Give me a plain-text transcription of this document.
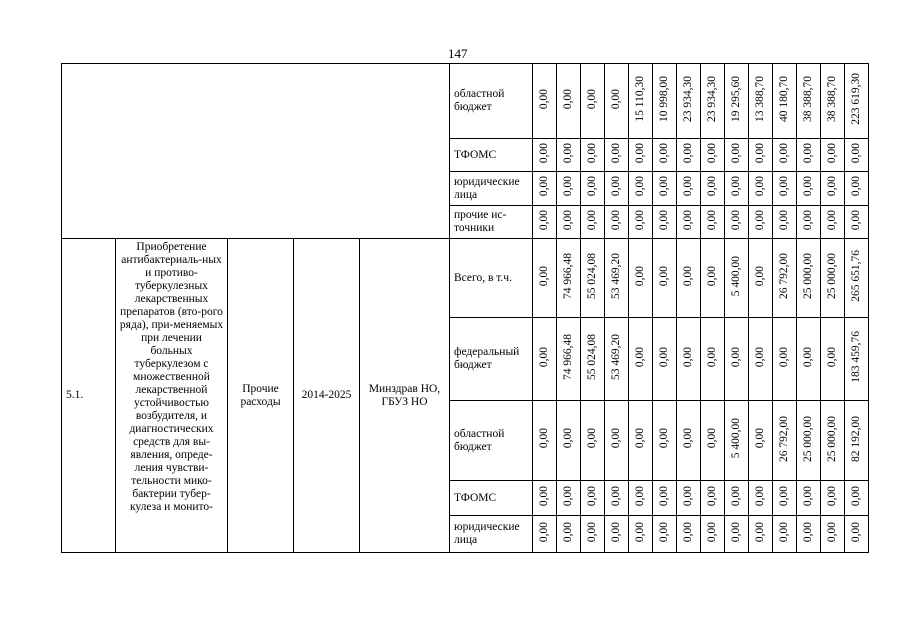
147
					областной бюджет	0,00	0,00	0,00	0,00	15 110,30	10 998,00	23 934,30	23 934,30	19 295,60	13 388,70	40 180,70	38 388,70	38 388,70	223 619,30
					ТФОМС	0,00	0,00	0,00	0,00	0,00	0,00	0,00	0,00	0,00	0,00	0,00	0,00	0,00	0,00
					юридические лица	0,00	0,00	0,00	0,00	0,00	0,00	0,00	0,00	0,00	0,00	0,00	0,00	0,00	0,00
					прочие ис-точники	0,00	0,00	0,00	0,00	0,00	0,00	0,00	0,00	0,00	0,00	0,00	0,00	0,00	0,00
5.1.	Приобретение антибактериаль-ных и противо-туберкулезных лекарственных препаратов (вто-рого ряда), при-меняемых при лечении больных туберкулезом с множественной лекарственной устойчивостью возбудителя, и диагностических средств для вы-явления, опреде-ления чувстви-тельности мико-бактерии тубер-кулеза и монито-	Прочие расходы	2014-2025	Минздрав НО, ГБУЗ НО	Всего, в т.ч.	0,00	74 966,48	55 024,08	53 469,20	0,00	0,00	0,00	0,00	5 400,00	0,00	26 792,00	25 000,00	25 000,00	265 651,76
					федеральный бюджет	0,00	74 966,48	55 024,08	53 469,20	0,00	0,00	0,00	0,00	0,00	0,00	0,00	0,00	0,00	183 459,76
					областной бюджет	0,00	0,00	0,00	0,00	0,00	0,00	0,00	0,00	5 400,00	0,00	26 792,00	25 000,00	25 000,00	82 192,00
					ТФОМС	0,00	0,00	0,00	0,00	0,00	0,00	0,00	0,00	0,00	0,00	0,00	0,00	0,00	0,00
					юридические лица	0,00	0,00	0,00	0,00	0,00	0,00	0,00	0,00	0,00	0,00	0,00	0,00	0,00	0,00
